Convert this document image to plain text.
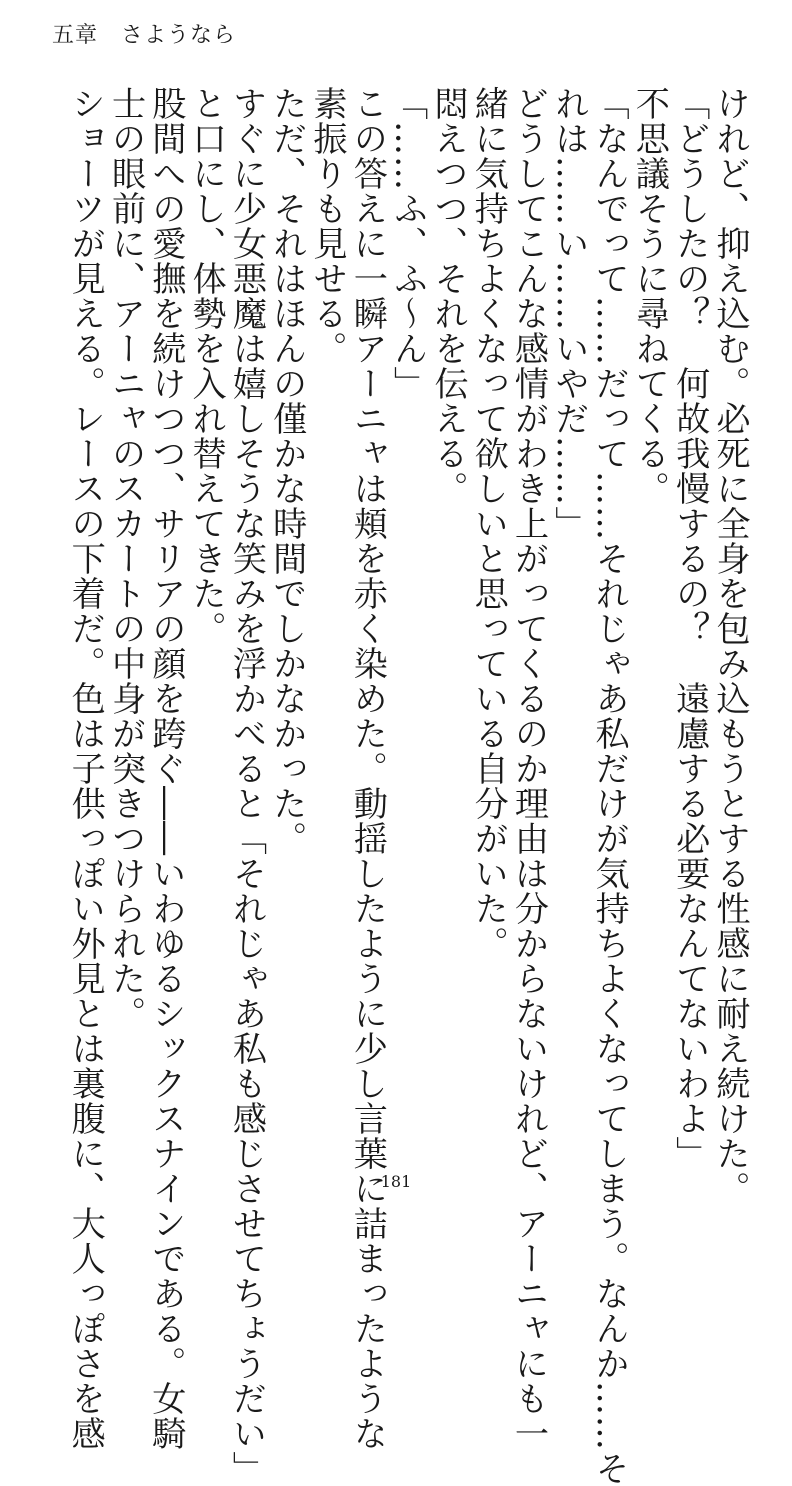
五章　さようなら

けれど、抑え込む。必死に全身を包み込もうとする性感に耐え続けた。

「どうしたの？　何故我慢するの？　遠慮する必要なんてないわよ」

不思議そうに尋ねてくる。

「なんでって……だって……それじゃあ私だけが気持ちよくなってしまう。なんか……そ

れは……い……いやだ……」

どうしてこんな感情がわき上がってくるのか理由は分からないけれど、アーニャにも一

緒に気持ちよくなって欲しいと思っている自分がいた。

悶えつつ、それを伝える。

「……ふ、ふ～ん」

この答えに一瞬アーニャは頬を赤く染めた。動揺したように少し言葉に詰まったような

素振りも見せる。

ただ、それはほんの僅かな時間でしかなかった。

すぐに少女悪魔は嬉しそうな笑みを浮かべると「それじゃあ私も感じさせてちょうだい」

と口にし、体勢を入れ替えてきた。

股間への愛撫を続けつつ、サリアの顔を跨ぐ――いわゆるシックスナインである。女騎

士の眼前に、アーニャのスカートの中身が突きつけられた。

ショーツが見える。レースの下着だ。色は子供っぽい外見とは裏腹に、大人っぽさを感	181
